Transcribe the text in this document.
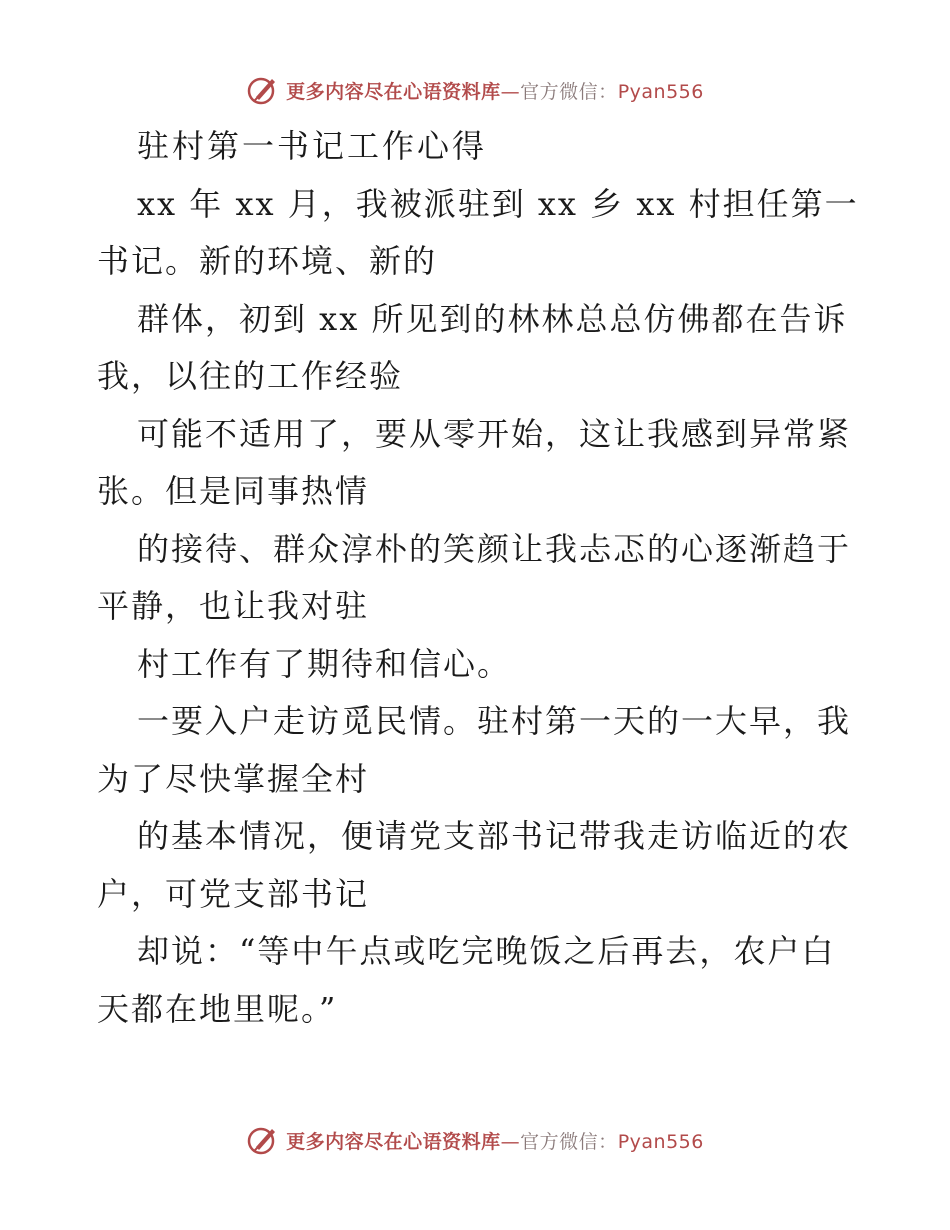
更多内容尽在心语资料库—官方微信：Pyan556
驻村第一书记工作心得
xx 年 xx 月，我被派驻到 xx 乡 xx 村担任第一
书记。新的环境、新的
群体，初到 xx 所见到的林林总总仿佛都在告诉
我，以往的工作经验
可能不适用了，要从零开始，这让我感到异常紧
张。但是同事热情
的接待、群众淳朴的笑颜让我忐忑的心逐渐趋于
平静，也让我对驻
村工作有了期待和信心。
一要入户走访觅民情。驻村第一天的一大早，我
为了尽快掌握全村
的基本情况，便请党支部书记带我走访临近的农
户，可党支部书记
却说：“等中午点或吃完晚饭之后再去，农户白
天都在地里呢。”
更多内容尽在心语资料库—官方微信：Pyan556
